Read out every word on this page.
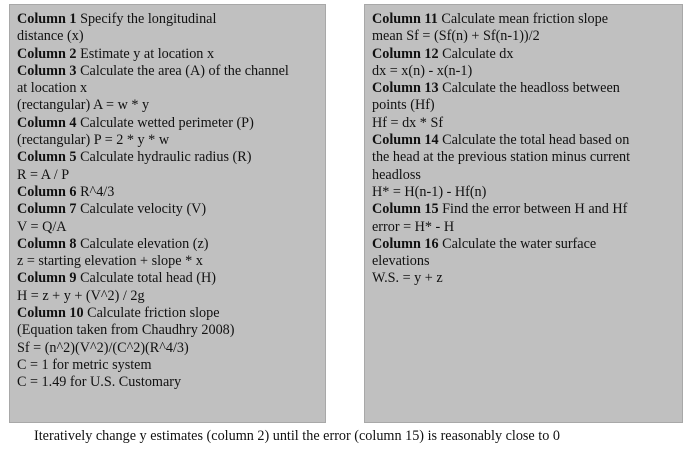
Column 1 Specify the longitudinal
distance (x)
Column 2 Estimate y at location x
Column 3 Calculate the area (A) of the channel
at location x
(rectangular) A = w * y
Column 4 Calculate wetted perimeter (P)
(rectangular) P = 2 * y * w
Column 5 Calculate hydraulic radius (R)
R = A / P
Column 6 R^4/3
Column 7 Calculate velocity (V)
V = Q/A
Column 8 Calculate elevation (z)
z = starting elevation + slope * x
Column 9 Calculate total head (H)
H = z + y + (V^2) / 2g
Column 10 Calculate friction slope
(Equation taken from Chaudhry 2008)
Sf = (n^2)(V^2)/(C^2)(R^4/3)
C = 1 for metric system
C = 1.49 for U.S. Customary
Column 11 Calculate mean friction slope
mean Sf = (Sf(n) + Sf(n-1))/2
Column 12 Calculate dx
dx = x(n) - x(n-1)
Column 13 Calculate the headloss between
points (Hf)
Hf = dx * Sf
Column 14 Calculate the total head based on
the head at the previous station minus current
headloss
H* = H(n-1) - Hf(n)
Column 15 Find the error between H and Hf
error = H* - H
Column 16 Calculate the water surface
elevations
W.S. = y + z
Iteratively change y estimates (column 2) until the error (column 15) is reasonably close to 0
